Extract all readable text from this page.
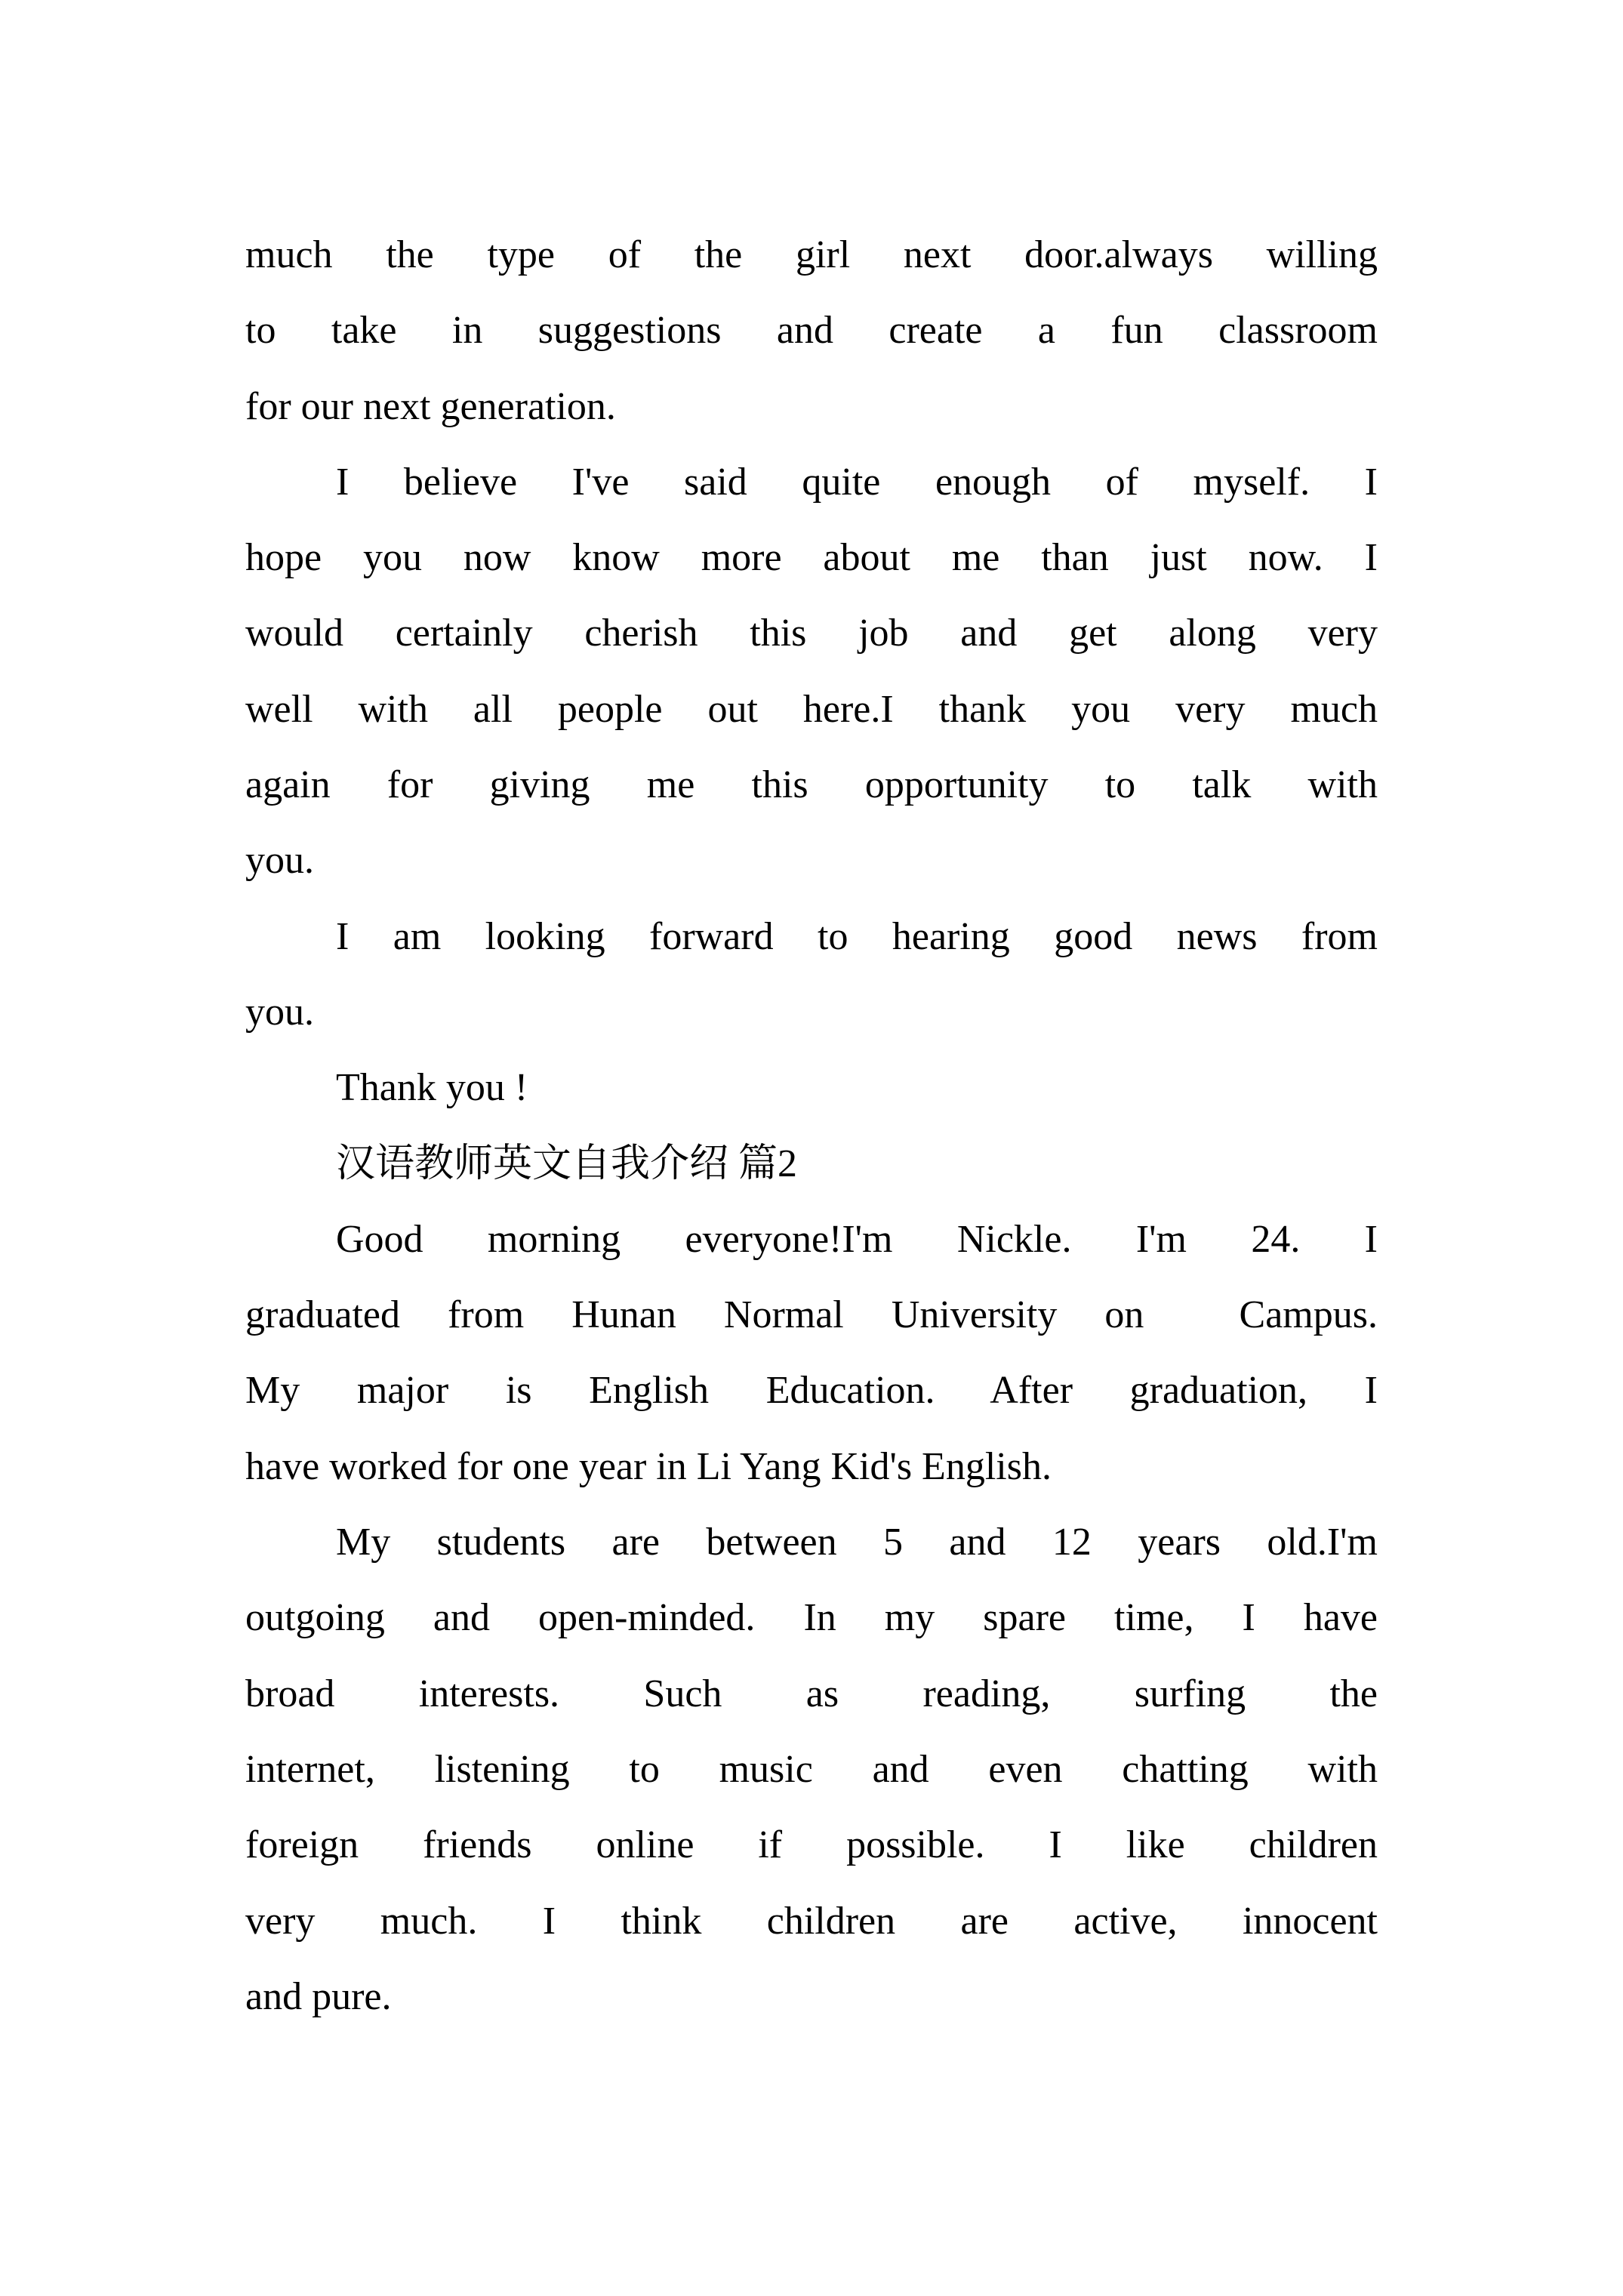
much the type of the girl next door.always willing
to take in suggestions and create a fun classroom
for our next generation.
I believe I've said quite enough of myself. I
hope you now know more about me than just now. I
would certainly cherish this job and get along very
well with all people out here.I thank you very much
again for giving me this opportunity to talk with
you.
I am looking forward to hearing good news from
you.
Thank you !
汉语教师英文自我介绍 篇2
Good morning everyone!I'm Nickle. I'm 24. I
graduated from Hunan Normal University on  Campus.
My major is English Education. After graduation, I
have worked for one year in Li Yang Kid's English.
My students are between 5 and 12 years old.I'm
outgoing and open-minded. In my spare time, I have
broad interests. Such as reading, surfing the
internet, listening to music and even chatting with
foreign friends online if possible. I like children
very much. I think children are active, innocent
and pure.
